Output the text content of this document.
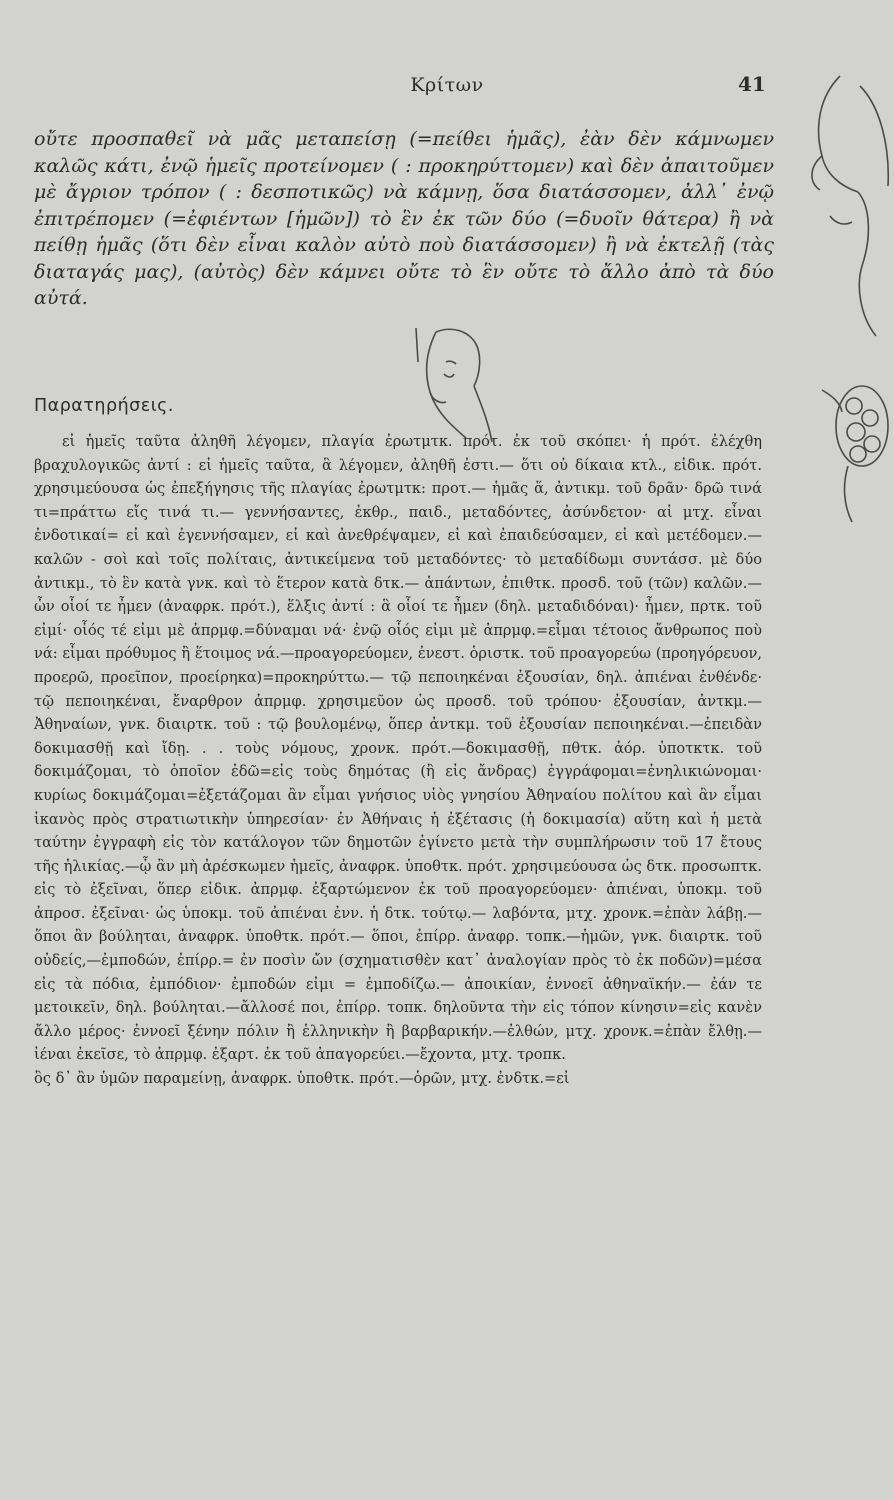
Κρίτων	41

οὔτε προσπαθεῖ νὰ μᾶς μεταπείσῃ (=πείθει ἡμᾶς), ἐὰν δὲν κάμνωμεν καλῶς κάτι, ἐνῷ ἡμεῖς προτείνομεν ( : προκηρύττομεν) καὶ δὲν ἀπαιτοῦμεν μὲ ἄγριον τρόπον ( : δεσποτικῶς) νὰ κάμνῃ, ὅσα διατάσσομεν, ἀλλ᾽ ἐνῷ ἐπιτρέπομεν (=ἐφιέντων [ἡμῶν]) τὸ ἓν ἐκ τῶν δύο (=δυοῖν θάτερα) ἢ νὰ πείθῃ ἡμᾶς (ὅτι δὲν εἶναι καλὸν αὐτὸ ποὺ διατάσσομεν) ἢ νὰ ἐκτελῇ (τὰς διαταγάς μας), (αὐτὸς) δὲν κάμνει οὔτε τὸ ἓν οὔτε τὸ ἄλλο ἀπὸ τὰ δύο αὐτά.

Παρατηρήσεις.

εἰ ἡμεῖς ταῦτα ἀληθῆ λέγομεν, πλαγία ἐρωτμτκ. πρότ. ἐκ τοῦ σκόπει· ἡ πρότ. ἐλέχθη βραχυλογικῶς ἀντί : εἰ ἡμεῖς ταῦτα, ἃ λέγομεν, ἀληθῆ ἐστι.— ὅτι οὐ δίκαια κτλ., εἰδικ. πρότ. χρησιμεύουσα ὡς ἐπεξήγησις τῆς πλαγίας ἐρωτμτκ: προτ.— ἡμᾶς ἅ, ἀντικμ. τοῦ δρᾶν· δρῶ τινά τι=πράττω εἴς τινά τι.— γεννήσαντες, ἐκθρ., παιδ., μεταδόντες, ἀσύνδετον· αἱ μτχ. εἶναι ἐνδοτικαί= εἰ καὶ ἐγεννήσαμεν, εἰ καὶ ἀνεθρέψαμεν, εἰ καὶ ἐπαιδεύσαμεν, εἰ καὶ μετέδομεν.— καλῶν - σοὶ καὶ τοῖς πολίταις, ἀντικείμενα τοῦ μεταδόντες· τὸ μεταδίδωμι συντάσσ. μὲ δύο ἀντικμ., τὸ ἓν κατὰ γνκ. καὶ τὸ ἕτερον κατὰ δτκ.— ἁπάντων, ἐπιθτκ. προσδ. τοῦ (τῶν) καλῶν.—ὧν οἷοί τε ἦμεν (ἀναφρκ. πρότ.), ἕλξις ἀντί : ἃ οἷοί τε ἦμεν (δηλ. μεταδιδόναι)· ἦμεν, πρτκ. τοῦ εἰμί· οἷός τέ εἰμι μὲ ἀπρμφ.=δύναμαι νά· ἐνῷ οἷός εἰμι μὲ ἀπρμφ.=εἶμαι τέτοιος ἄνθρωπος ποὺ νά: εἶμαι πρόθυμος ἢ ἕτοιμος νά.—προαγορεύομεν, ἐνεστ. ὁριστκ. τοῦ προαγορεύω (προηγόρευον, προερῶ, προεῖπον, προείρηκα)=προκηρύττω.— τῷ πεποιηκέναι ἐξουσίαν, δηλ. ἀπιέναι ἐνθένδε· τῷ πεποιηκέναι, ἔναρθρον ἀπρμφ. χρησιμεῦον ὡς προσδ. τοῦ τρόπου· ἐξουσίαν, ἀντκμ.—Ἀθηναίων, γνκ. διαιρτκ. τοῦ : τῷ βουλομένῳ, ὅπερ ἀντκμ. τοῦ ἐξουσίαν πεποιηκέναι.—ἐπειδὰν δοκιμασθῇ καὶ ἴδῃ. . . τοὺς νόμους, χρονκ. πρότ.—δοκιμασθῇ, πθτκ. ἀόρ. ὑποτκτκ. τοῦ δοκιμάζομαι, τὸ ὁποῖον ἐδῶ=εἰς τοὺς δημότας (ἢ εἰς ἄνδρας) ἐγγράφομαι=ἐνηλικιώνομαι· κυρίως δοκιμάζομαι=ἐξετάζομαι ἂν εἶμαι γνήσιος υἱὸς γνησίου Ἀθηναίου πολίτου καὶ ἂν εἶμαι ἱκανὸς πρὸς στρατιωτικὴν ὑπηρεσίαν· ἐν Ἀθήναις ἡ ἐξέτασις (ἡ δοκιμασία) αὕτη καὶ ἡ μετὰ ταύτην ἐγγραφὴ εἰς τὸν κατάλογον τῶν δημοτῶν ἐγίνετο μετὰ τὴν συμπλήρωσιν τοῦ 17 ἔτους τῆς ἡλικίας.—ᾧ ἂν μὴ ἀρέσκωμεν ἡμεῖς, ἀναφρκ. ὑποθτκ. πρότ. χρησιμεύουσα ὡς δτκ. προσωπτκ. εἰς τὸ ἐξεῖναι, ὅπερ εἰδικ. ἀπρμφ. ἐξαρτώμενον ἐκ τοῦ προαγορεύομεν· ἀπιέναι, ὑποκμ. τοῦ ἀπροσ. ἐξεῖναι· ὡς ὑποκμ. τοῦ ἀπιέναι ἐνν. ἡ δτκ. τούτῳ.— λαβόντα, μτχ. χρονκ.=ἐπὰν λάβῃ.—ὅποι ἂν βούληται, ἀναφρκ. ὑποθτκ. πρότ.— ὅποι, ἐπίρρ. ἀναφρ. τοπκ.—ἡμῶν, γνκ. διαιρτκ. τοῦ οὐδείς,—ἐμποδών, ἐπίρρ.= ἐν ποσὶν ὤν (σχηματισθὲν κατ᾽ ἀναλογίαν πρὸς τὸ ἐκ ποδῶν)=μέσα εἰς τὰ πόδια, ἐμπόδιον· ἐμποδών εἰμι = ἐμποδίζω.— ἀποικίαν, ἐννοεῖ ἀθηναϊκήν.— ἐάν τε μετοικεῖν, δηλ. βούληται.—ἄλλοσέ ποι, ἐπίρρ. τοπκ. δηλοῦντα τὴν εἰς τόπον κίνησιν=εἰς κανὲν ἄλλο μέρος· ἐννοεῖ ξένην πόλιν ἢ ἑλληνικὴν ἢ βαρβαρικήν.—ἐλθών, μτχ. χρονκ.=ἐπὰν ἔλθῃ.—ἰέναι ἐκεῖσε, τὸ ἀπρμφ. ἐξαρτ. ἐκ τοῦ ἀπαγορεύει.—ἔχοντα, μτχ. τροπκ.

ὃς δ᾽ ἂν ὑμῶν παραμείνῃ, ἀναφρκ. ὑποθτκ. πρότ.—ὁρῶν, μτχ. ἐνδτκ.=εἰ
